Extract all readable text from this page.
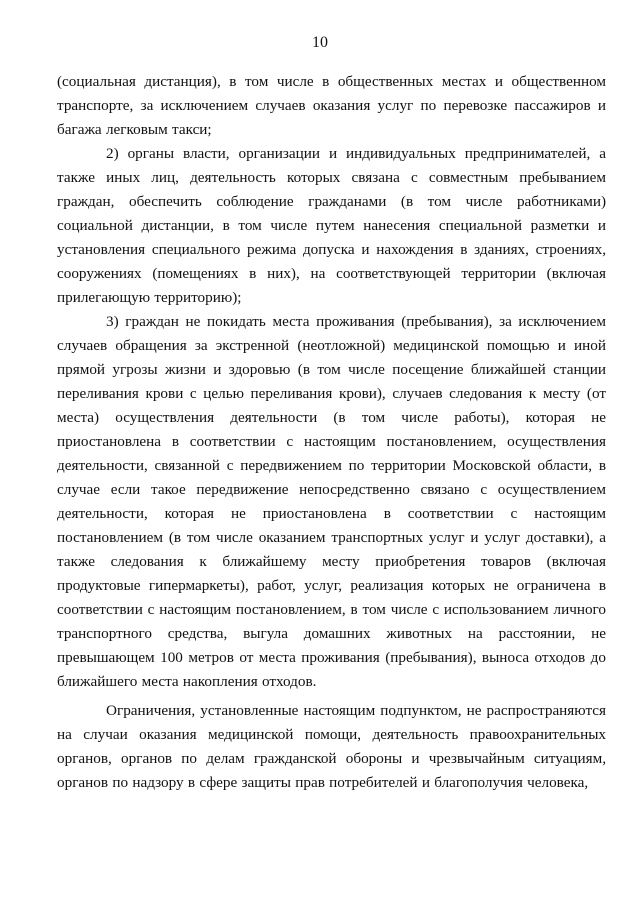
10

(социальная дистанция), в том числе в общественных местах и общественном транспорте, за исключением случаев оказания услуг по перевозке пассажиров и багажа легковым такси;

2) органы власти, организации и индивидуальных предпринимателей, а также иных лиц, деятельность которых связана с совместным пребыванием граждан, обеспечить соблюдение гражданами (в том числе работниками) социальной дистанции, в том числе путем нанесения специальной разметки и установления специального режима допуска и нахождения в зданиях, строениях, сооружениях (помещениях в них), на соответствующей территории (включая прилегающую территорию);

3) граждан не покидать места проживания (пребывания), за исключением случаев обращения за экстренной (неотложной) медицинской помощью и иной прямой угрозы жизни и здоровью (в том числе посещение ближайшей станции переливания крови с целью переливания крови), случаев следования к месту (от места) осуществления деятельности (в том числе работы), которая не приостановлена в соответствии с настоящим постановлением, осуществления деятельности, связанной с передвижением по территории Московской области, в случае если такое передвижение непосредственно связано с осуществлением деятельности, которая не приостановлена в соответствии с настоящим постановлением (в том числе оказанием транспортных услуг и услуг доставки), а также следования к ближайшему месту приобретения товаров (включая продуктовые гипермаркеты), работ, услуг, реализация которых не ограничена в соответствии с настоящим постановлением, в том числе с использованием личного транспортного средства, выгула домашних животных на расстоянии, не превышающем 100 метров от места проживания (пребывания), выноса отходов до ближайшего места накопления отходов.

Ограничения, установленные настоящим подпунктом, не распространяются на случаи оказания медицинской помощи, деятельность правоохранительных органов, органов по делам гражданской обороны и чрезвычайным ситуациям, органов по надзору в сфере защиты прав потребителей и благополучия человека,
